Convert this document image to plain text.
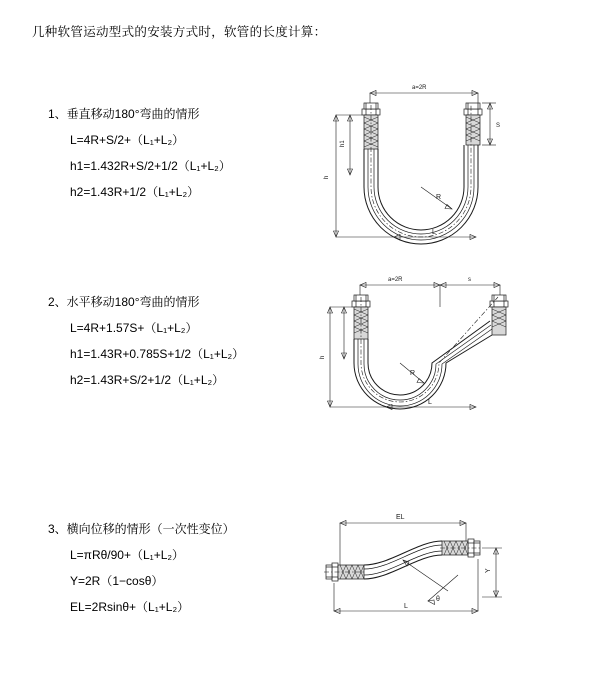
几种软管运动型式的安装方式时，软管的长度计算：
1、垂直移动180°弯曲的情形
L=4R+S/2+（L₁+L₂）
h1=1.432R+S/2+1/2（L₁+L₂）
h2=1.43R+1/2（L₁+L₂）
a=2R
h
h1
S
R
L
2、水平移动180°弯曲的情形
L=4R+1.57S+（L₁+L₂）
h1=1.43R+0.785S+1/2（L₁+L₂）
h2=1.43R+S/2+1/2（L₁+L₂）
a=2R	s
h
R
L
3、横向位移的情形（一次性变位）
L=πRθ/90+（L₁+L₂）
Y=2R（1−cosθ）
EL=2Rsinθ+（L₁+L₂）
EL
θ
Y
L
